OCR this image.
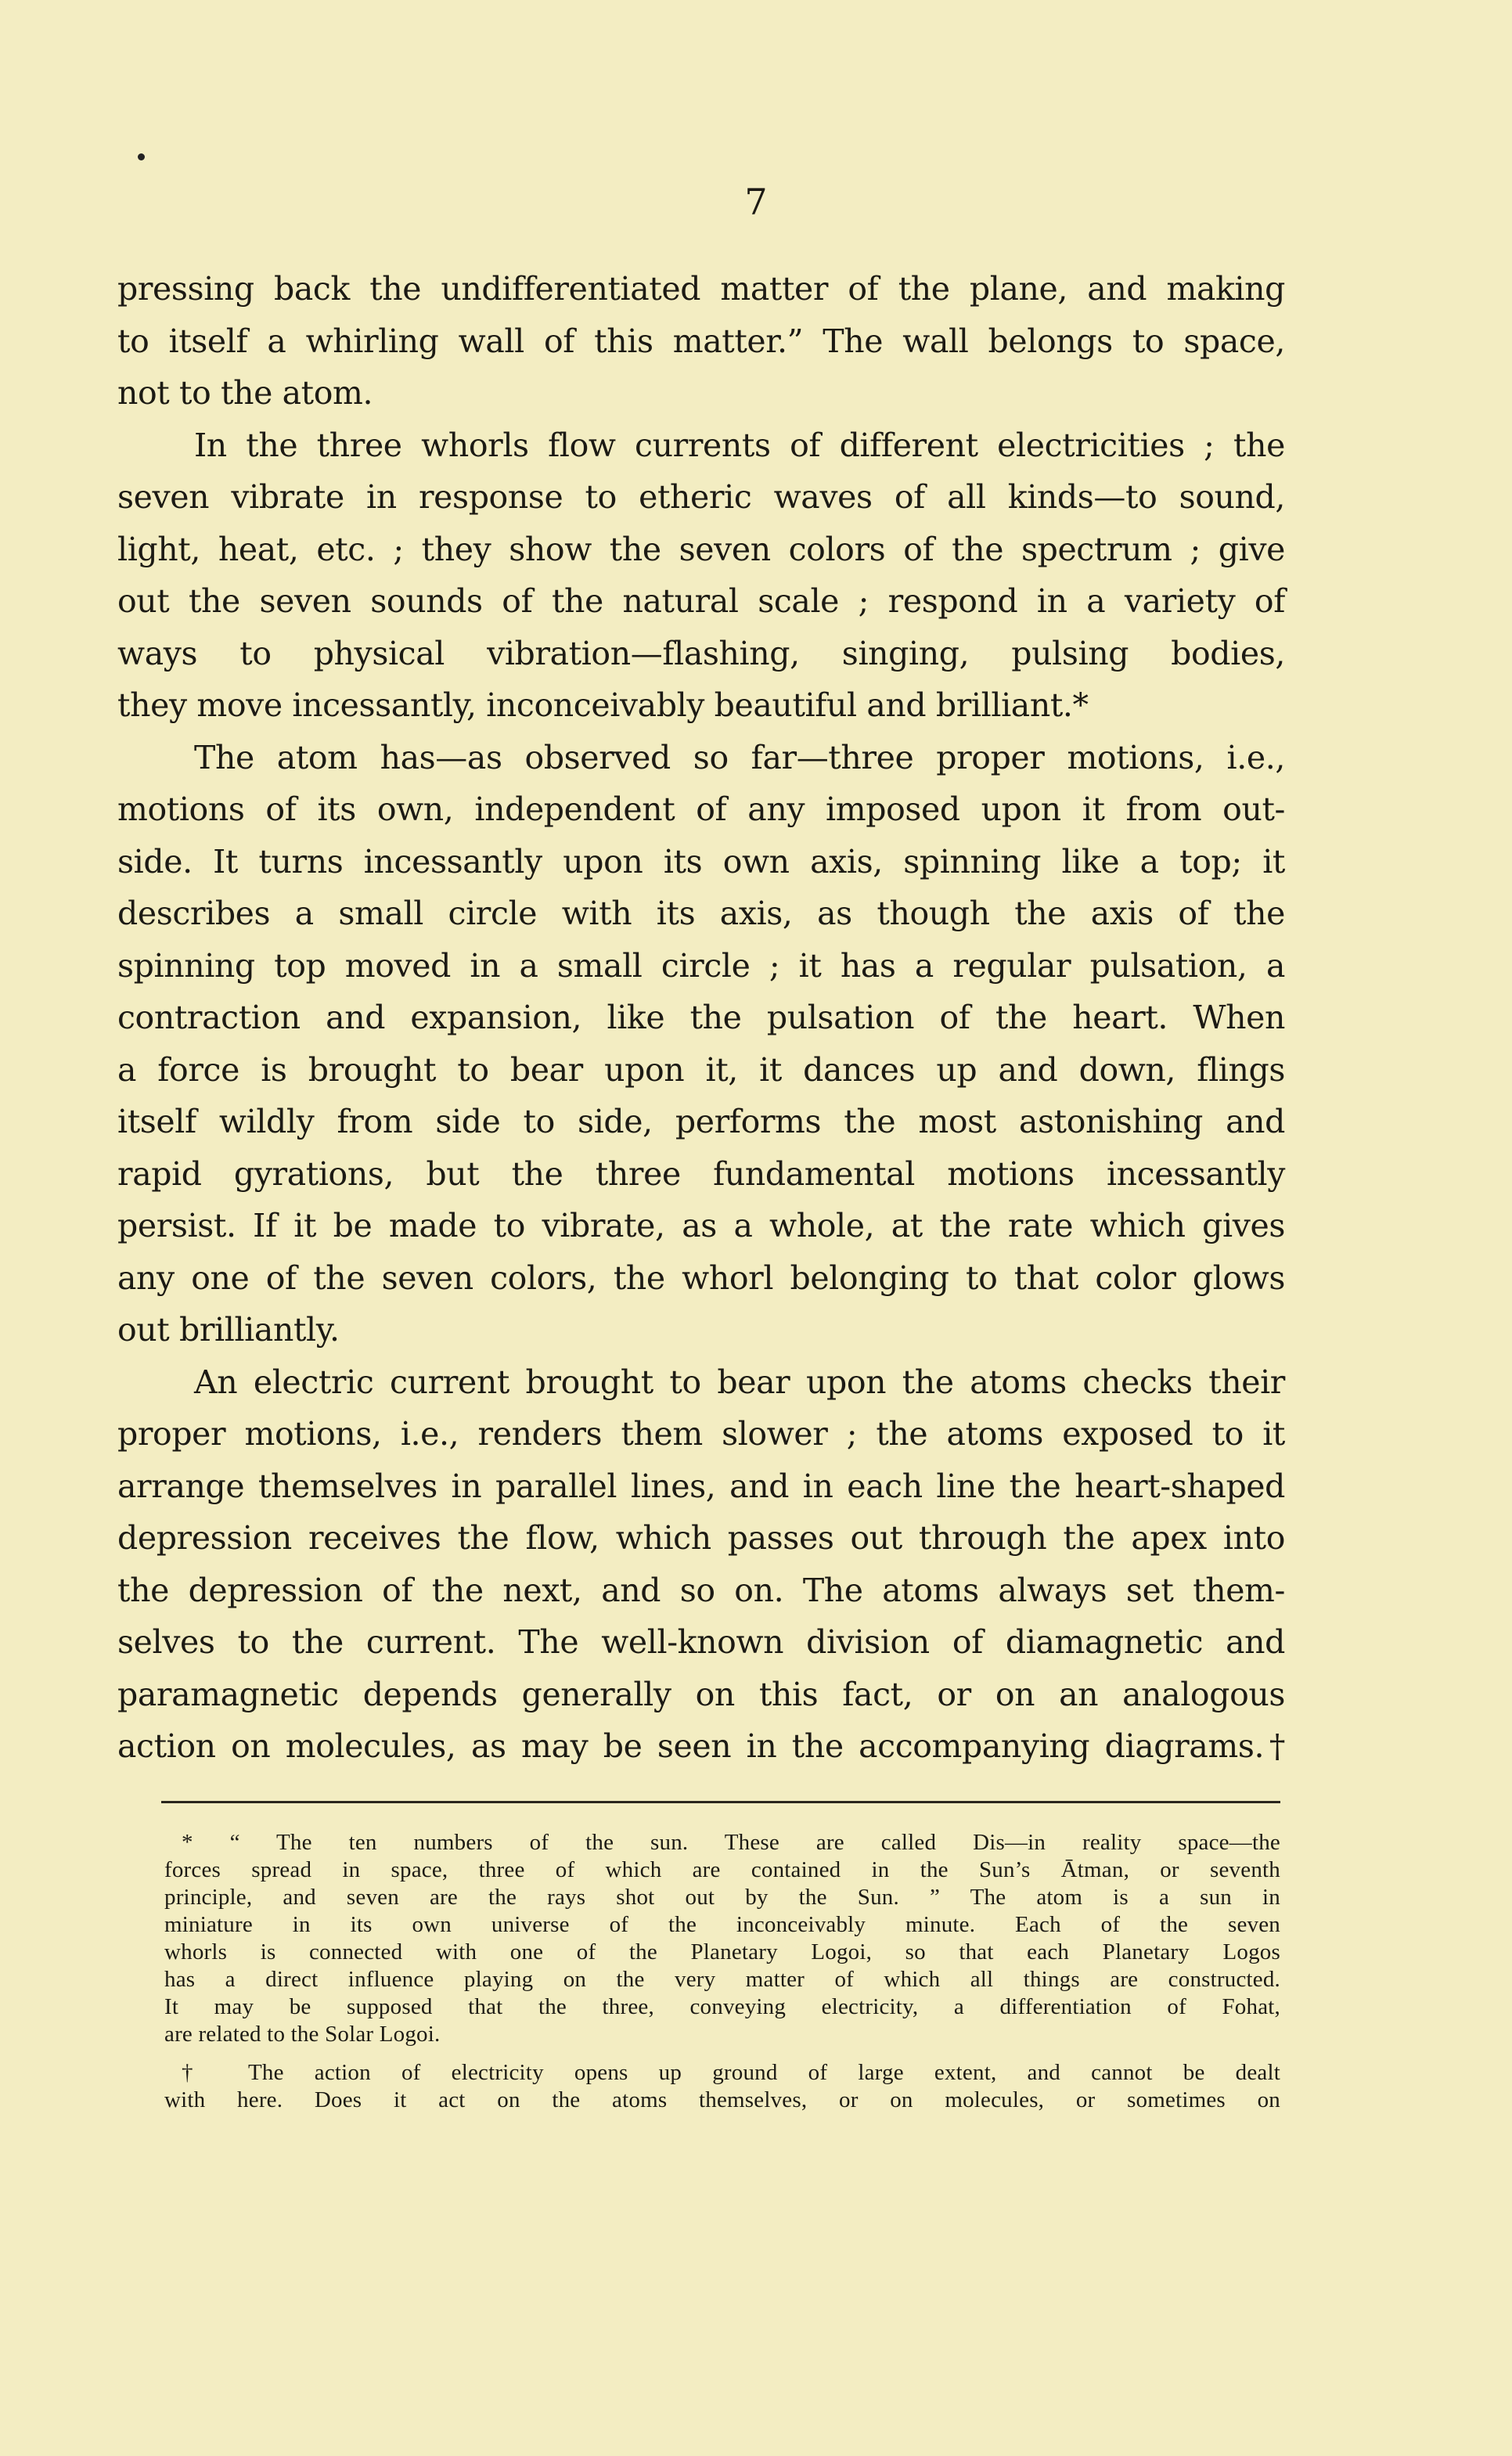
7
pressing back the undifferentiated matter of the plane, and making
to itself a whirling wall of this matter.” The wall belongs to space,
not to the atom.
In the three whorls flow currents of different electricities ; the
seven vibrate in response to etheric waves of all kinds—to sound,
light, heat, etc. ; they show the seven colors of the spectrum ; give
out the seven sounds of the natural scale ; respond in a variety of
ways to physical vibration—flashing, singing, pulsing bodies,
they move incessantly, inconceivably beautiful and brilliant.*
The atom has—as observed so far—three proper motions, i.e.,
motions of its own, independent of any imposed upon it from out-
side. It turns incessantly upon its own axis, spinning like a top; it
describes a small circle with its axis, as though the axis of the
spinning top moved in a small circle ; it has a regular pulsation, a
contraction and expansion, like the pulsation of the heart. When
a force is brought to bear upon it, it dances up and down, flings
itself wildly from side to side, performs the most astonishing and
rapid gyrations, but the three fundamental motions incessantly
persist. If it be made to vibrate, as a whole, at the rate which gives
any one of the seven colors, the whorl belonging to that color glows
out brilliantly.
An electric current brought to bear upon the atoms checks their
proper motions, i.e., renders them slower ; the atoms exposed to it
arrange themselves in parallel lines, and in each line the heart-shaped
depression receives the flow, which passes out through the apex into
the depression of the next, and so on. The atoms always set them-
selves to the current. The well-known division of diamagnetic and
paramagnetic depends generally on this fact, or on an analogous
action on molecules, as may be seen in the accompanying diagrams.†
* “ The ten numbers of the sun. These are called Dis—in reality space—the
forces spread in space, three of which are contained in the Sun’s Ātman, or seventh
principle, and seven are the rays shot out by the Sun. ” The atom is a sun in
miniature in its own universe of the inconceivably minute. Each of the seven
whorls is connected with one of the Planetary Logoi, so that each Planetary Logos
has a direct influence playing on the very matter of which all things are constructed.
It may be supposed that the three, conveying electricity, a differentiation of Fohat,
are related to the Solar Logoi.
† The action of electricity opens up ground of large extent, and cannot be dealt
with here. Does it act on the atoms themselves, or on molecules, or sometimes on
